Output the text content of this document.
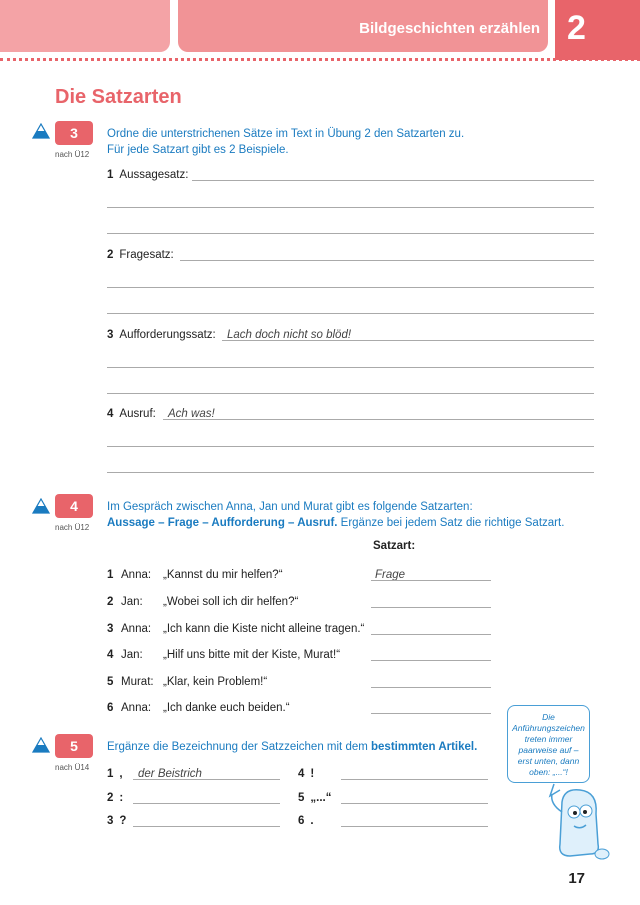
Bildgeschichten erzählen 2
Die Satzarten
3
nach Ü12
Ordne die unterstrichenen Sätze im Text in Übung 2 den Satzarten zu.
Für jede Satzart gibt es 2 Beispiele.
1 Aussagesatz:
2 Fragesatz:
3 Aufforderungssatz: Lach doch nicht so blöd!
4 Ausruf: Ach was!
4
nach Ü12
Im Gespräch zwischen Anna, Jan und Murat gibt es folgende Satzarten:
Aussage – Frage – Aufforderung – Ausruf. Ergänze bei jedem Satz die richtige Satzart.
Satzart:
1 Anna: „Kannst du mir helfen?“	Frage
2 Jan: „Wobei soll ich dir helfen?“
3 Anna: „Ich kann die Kiste nicht alleine tragen.“
4 Jan: „Hilf uns bitte mit der Kiste, Murat!“
5 Murat: „Klar, kein Problem!“
6 Anna: „Ich danke euch beiden.“
5
nach Ü14
Ergänze die Bezeichnung der Satzzeichen mit dem bestimmten Artikel.
1 ,	der Beistrich
2 :
3 ?
4 !
5 „...“
6 .
Die Anführungszeichen treten immer paarweise auf – erst unten, dann oben: „...“!
17
